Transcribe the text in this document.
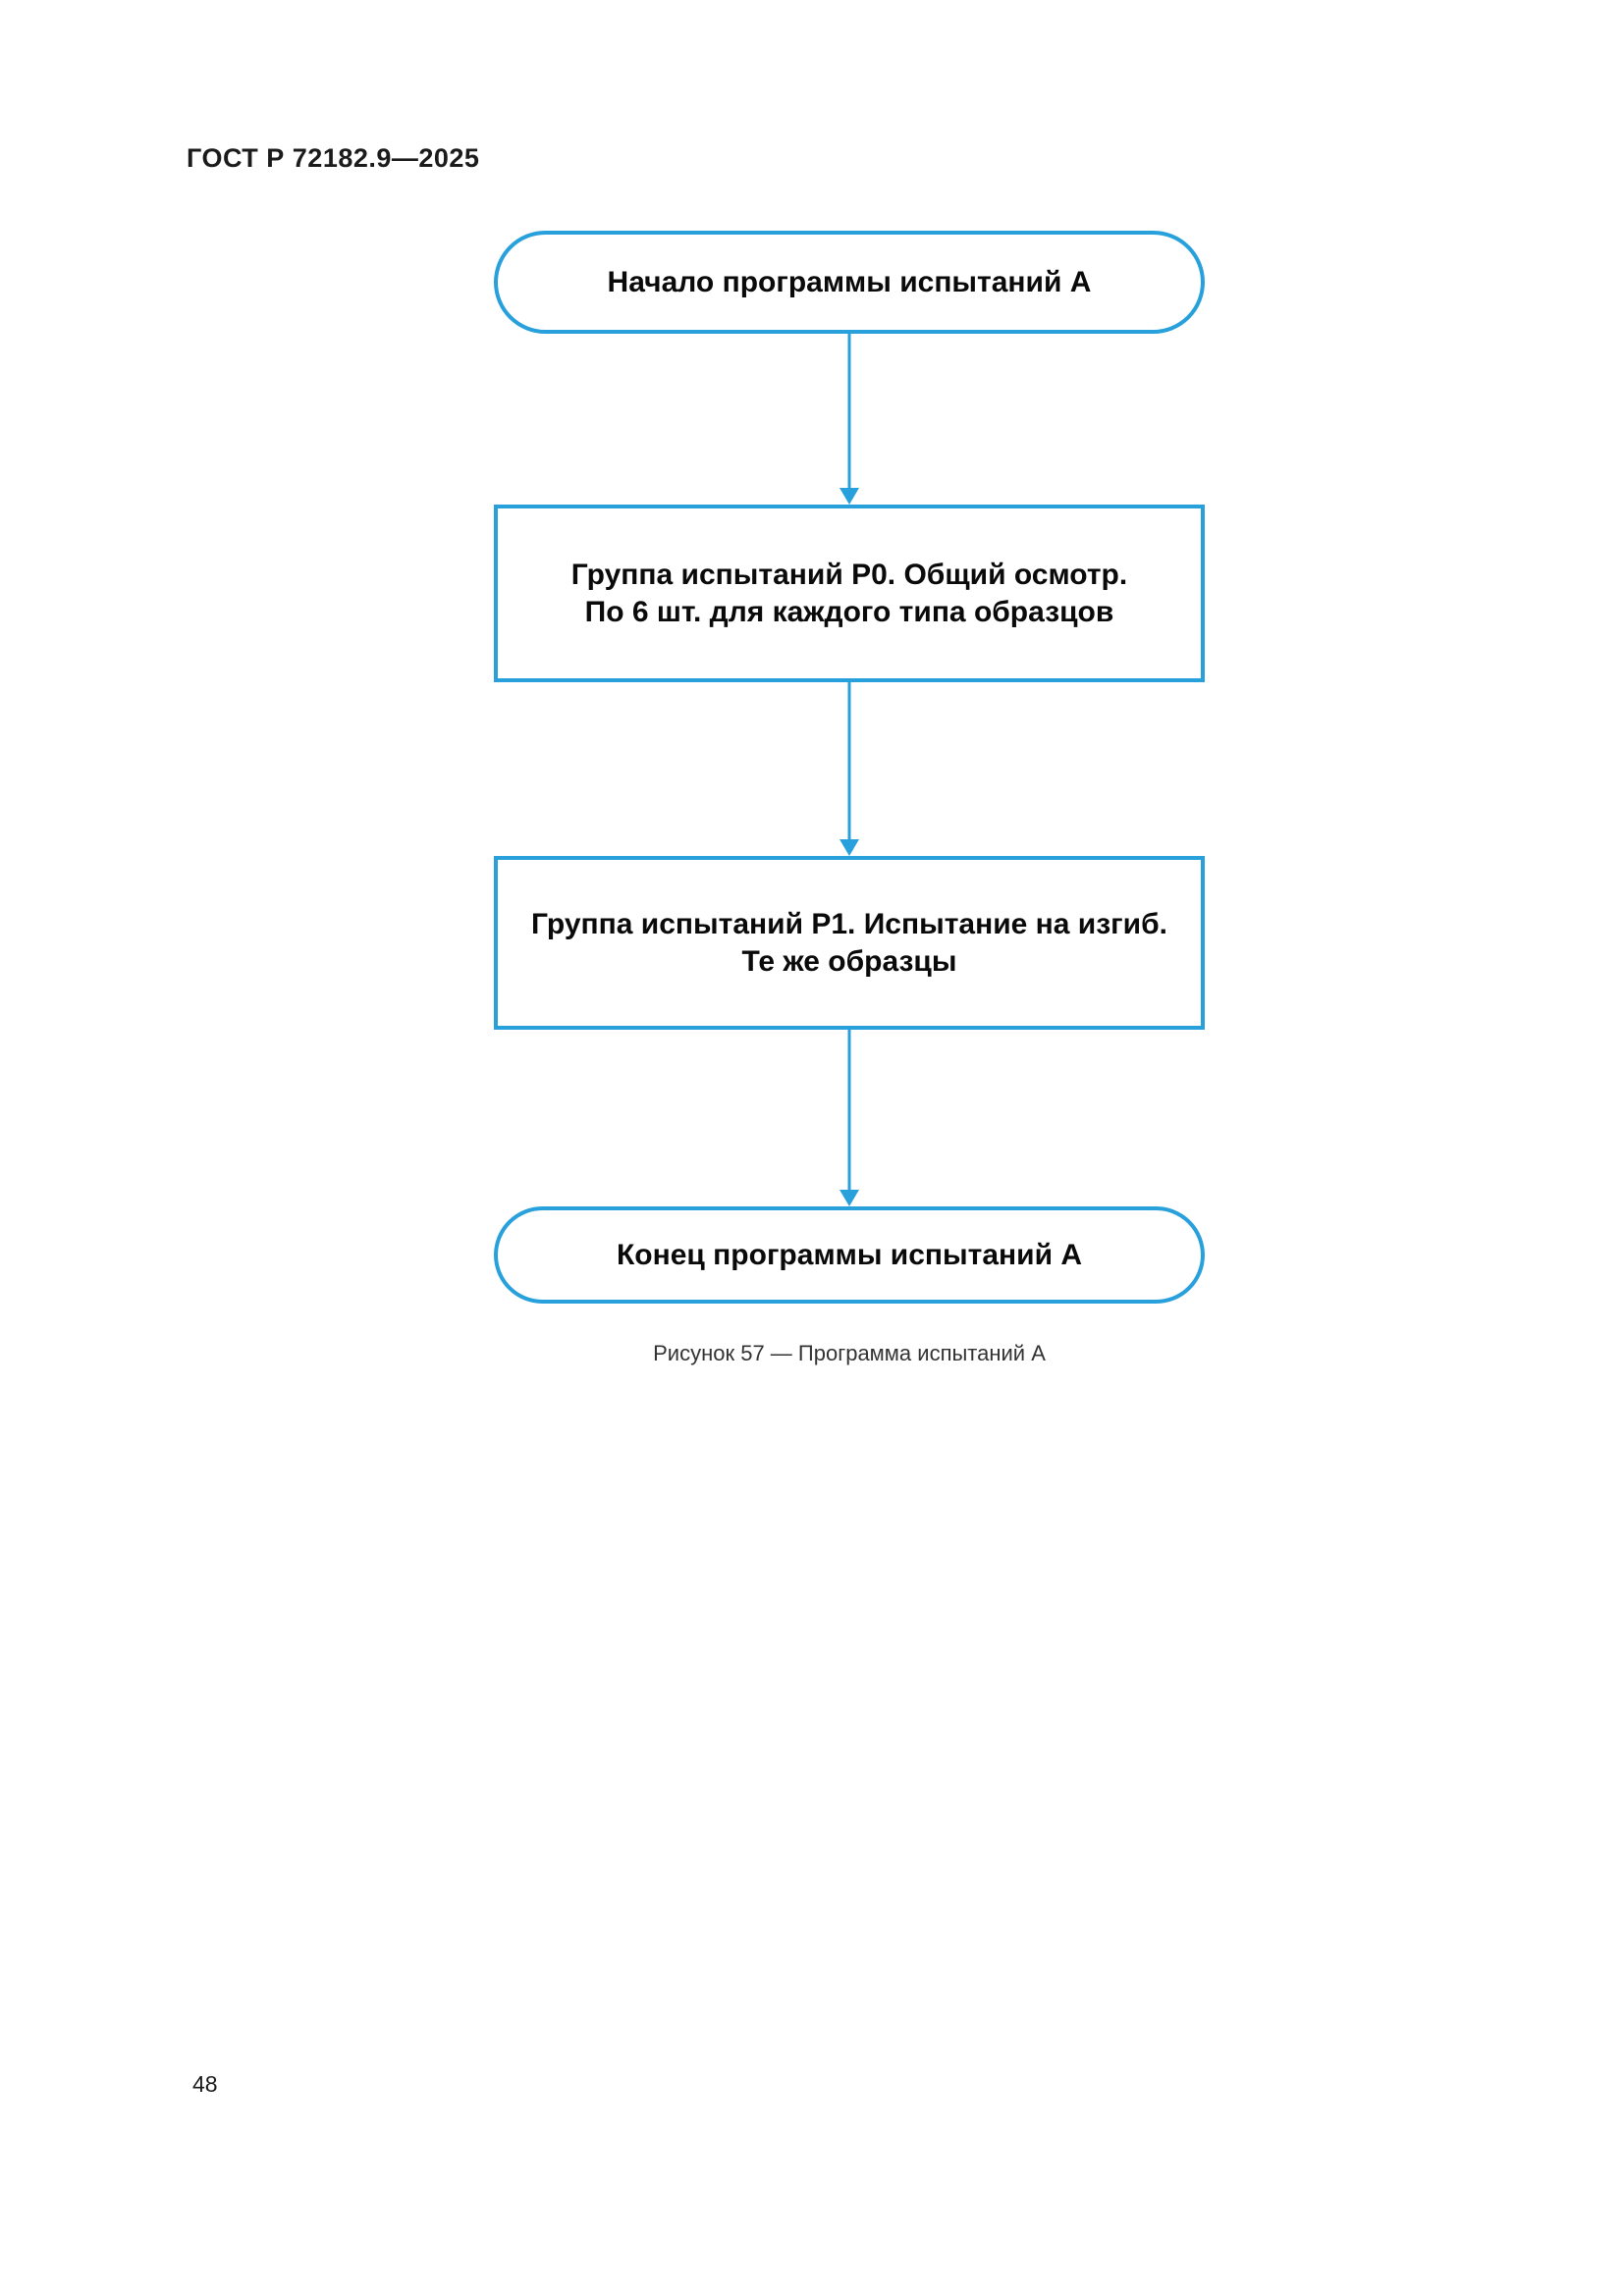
ГОСТ Р 72182.9—2025
Начало программы испытаний А
Группа испытаний Р0. Общий осмотр.
По 6 шт. для каждого типа образцов
Группа испытаний Р1. Испытание на изгиб.
Те же образцы
Конец программы испытаний А
Рисунок 57 — Программа испытаний А
48
